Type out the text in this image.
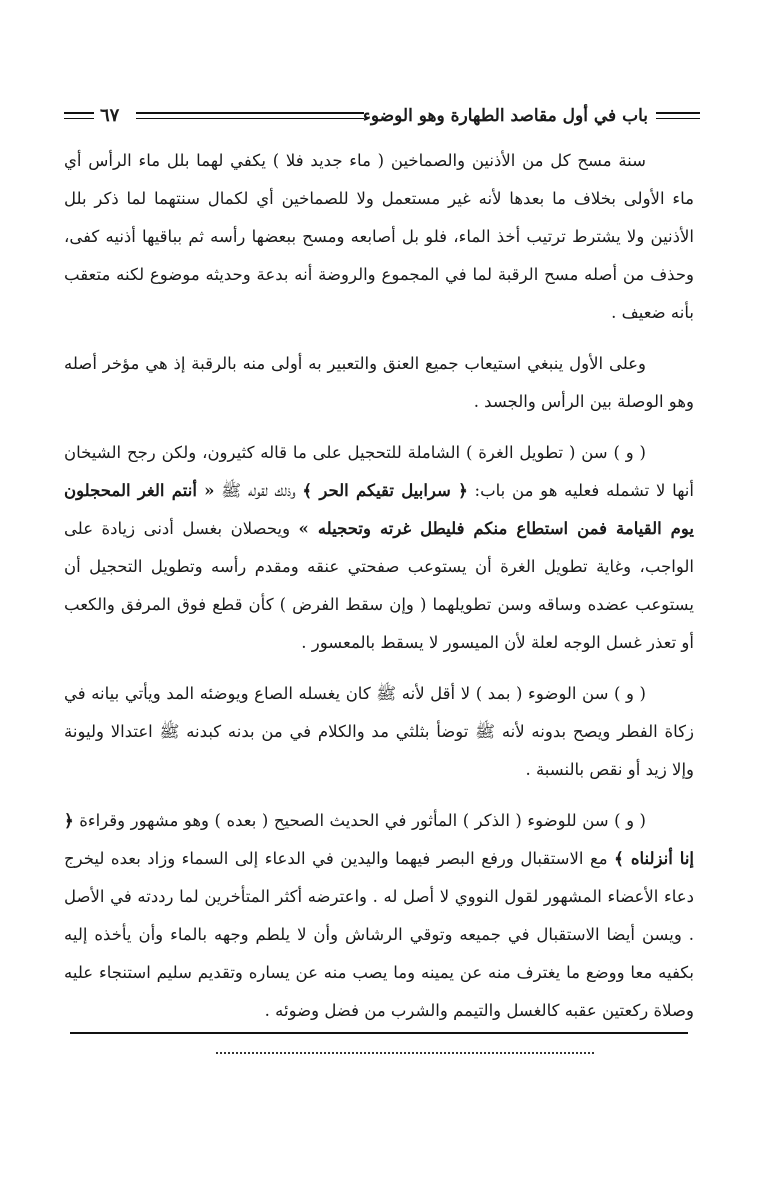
باب في أول مقاصد الطهارة وهو الوضوء
٦٧

سنة مسح كل من الأذنين والصماخين ( ماء جديد فلا ) يكفي لهما بلل ماء الرأس أي ماء الأولى بخلاف ما بعدها لأنه غير مستعمل ولا للصماخين أي لكمال سنتهما لما ذكر بلل الأذنين ولا يشترط ترتيب أخذ الماء، فلو بل أصابعه ومسح ببعضها رأسه ثم بباقيها أذنيه كفى، وحذف من أصله مسح الرقبة لما في المجموع والروضة أنه بدعة وحديثه موضوع لكنه متعقب بأنه ضعيف .

وعلى الأول ينبغي استيعاب جميع العنق والتعبير به أولى منه بالرقبة إذ هي مؤخر أصله وهو الوصلة بين الرأس والجسد .

( و ) سن ( تطويل الغرة ) الشاملة للتحجيل على ما قاله كثيرون، ولكن رجح الشيخان أنها لا تشمله فعليه هو من باب: ﴿ سرابيل تقيكم الحر ﴾ وذلك لقوله ﷺ « أنتم الغر المحجلون يوم القيامة فمن استطاع منكم فليطل غرته وتحجيله » ويحصلان بغسل أدنى زيادة على الواجب، وغاية تطويل الغرة أن يستوعب صفحتي عنقه ومقدم رأسه وتطويل التحجيل أن يستوعب عضده وساقه وسن تطويلهما ( وإن سقط الفرض ) كأن قطع فوق المرفق والكعب أو تعذر غسل الوجه لعلة لأن الميسور لا يسقط بالمعسور .

( و ) سن الوضوء ( بمد ) لا أقل لأنه ﷺ كان يغسله الصاع ويوضئه المد ويأتي بيانه في زكاة الفطر ويصح بدونه لأنه ﷺ توضأ بثلثي مد والكلام في من بدنه كبدنه ﷺ اعتدالا وليونة وإلا زيد أو نقص بالنسبة .

( و ) سن للوضوء ( الذكر ) المأثور في الحديث الصحيح ( بعده ) وهو مشهور وقراءة ﴿ إنا أنزلناه ﴾ مع الاستقبال ورفع البصر فيهما واليدين في الدعاء إلى السماء وزاد بعده ليخرج دعاء الأعضاء المشهور لقول النووي لا أصل له . واعترضه أكثر المتأخرين لما رددته في الأصل . ويسن أيضا الاستقبال في جميعه وتوقي الرشاش وأن لا يلطم وجهه بالماء وأن يأخذه إليه بكفيه معا ووضع ما يغترف منه عن يمينه وما يصب منه عن يساره وتقديم سليم استنجاء عليه وصلاة ركعتين عقبه كالغسل والتيمم والشرب من فضل وضوئه .
